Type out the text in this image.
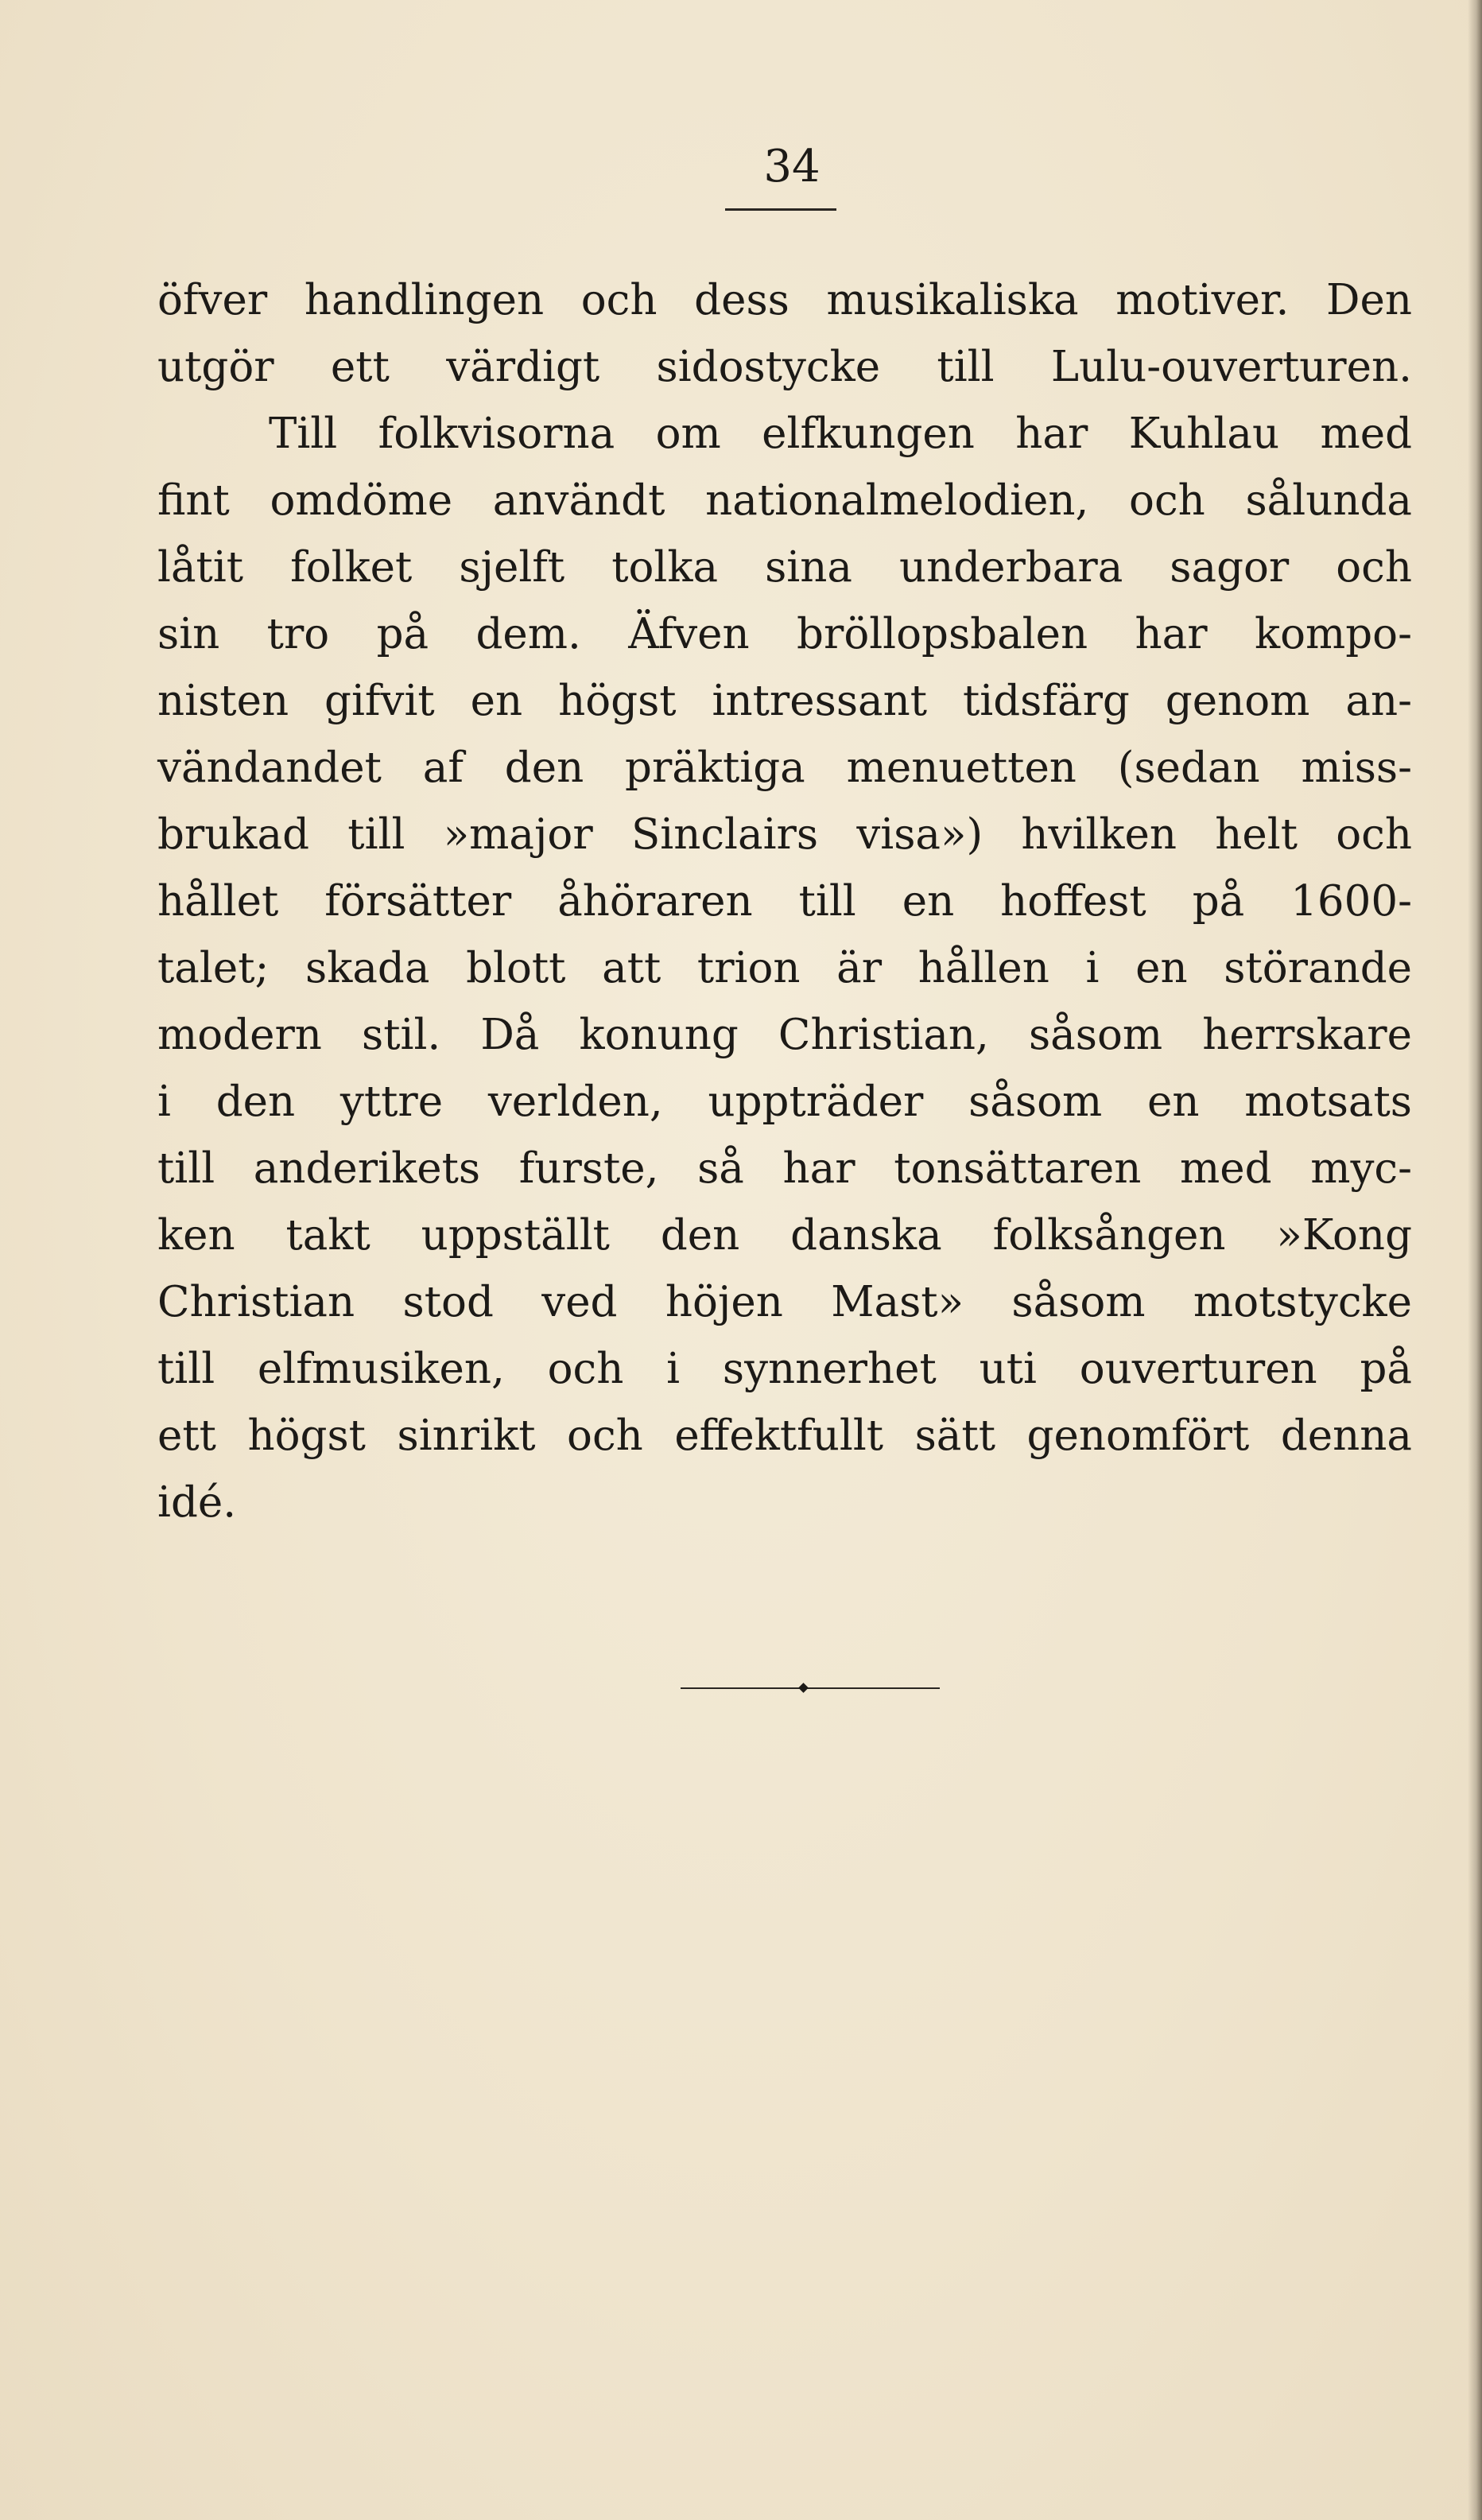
34
öfver handlingen och dess musikaliska motiver. Den
utgör ett värdigt sidostycke till Lulu-ouverturen.
Till folkvisorna om elfkungen har Kuhlau med
fint omdöme användt nationalmelodien, och sålunda
låtit folket sjelft tolka sina underbara sagor och
sin tro på dem. Äfven bröllopsbalen har kompo-
nisten gifvit en högst intressant tidsfärg genom an-
vändandet af den präktiga menuetten (sedan miss-
brukad till »major Sinclairs visa») hvilken helt och
hållet försätter åhöraren till en hoffest på 1600-
talet; skada blott att trion är hållen i en störande
modern stil. Då konung Christian, såsom herrskare
i den yttre verlden, uppträder såsom en motsats
till anderikets furste, så har tonsättaren med myc-
ken takt uppställt den danska folksången »Kong
Christian stod ved höjen Mast» såsom motstycke
till elfmusiken, och i synnerhet uti ouverturen på
ett högst sinrikt och effektfullt sätt genomfört denna
idé.
